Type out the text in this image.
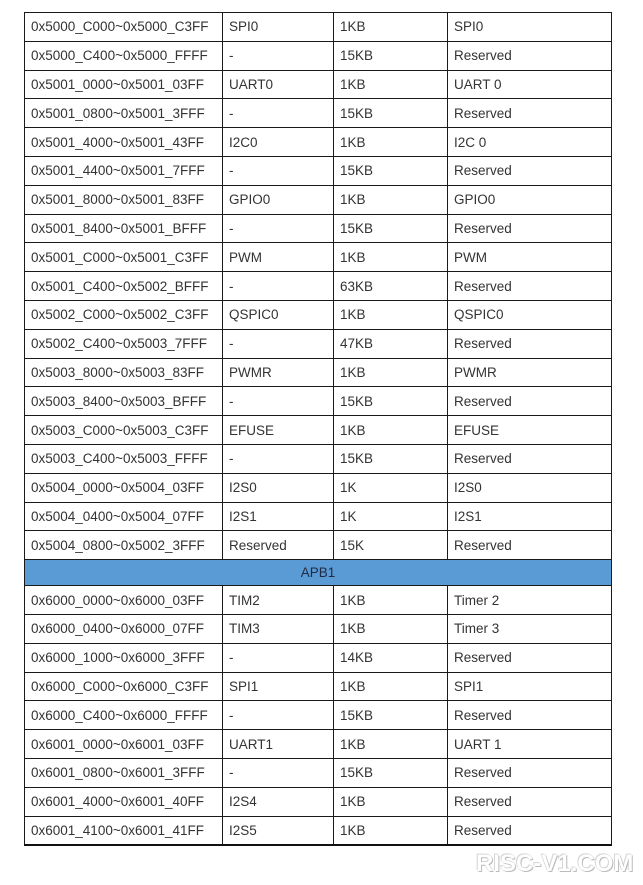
0x5000_C000~0x5000_C3FF	SPI0	1KB	SPI0
0x5000_C400~0x5000_FFFF	-	15KB	Reserved
0x5001_0000~0x5001_03FF	UART0	1KB	UART 0
0x5001_0800~0x5001_3FFF	-	15KB	Reserved
0x5001_4000~0x5001_43FF	I2C0	1KB	I2C 0
0x5001_4400~0x5001_7FFF	-	15KB	Reserved
0x5001_8000~0x5001_83FF	GPIO0	1KB	GPIO0
0x5001_8400~0x5001_BFFF	-	15KB	Reserved
0x5001_C000~0x5001_C3FF	PWM	1KB	PWM
0x5001_C400~0x5002_BFFF	-	63KB	Reserved
0x5002_C000~0x5002_C3FF	QSPIC0	1KB	QSPIC0
0x5002_C400~0x5003_7FFF	-	47KB	Reserved
0x5003_8000~0x5003_83FF	PWMR	1KB	PWMR
0x5003_8400~0x5003_BFFF	-	15KB	Reserved
0x5003_C000~0x5003_C3FF	EFUSE	1KB	EFUSE
0x5003_C400~0x5003_FFFF	-	15KB	Reserved
0x5004_0000~0x5004_03FF	I2S0	1K	I2S0
0x5004_0400~0x5004_07FF	I2S1	1K	I2S1
0x5004_0800~0x5002_3FFF	Reserved	15K	Reserved
APB1			
0x6000_0000~0x6000_03FF	TIM2	1KB	Timer 2
0x6000_0400~0x6000_07FF	TIM3	1KB	Timer 3
0x6000_1000~0x6000_3FFF	-	14KB	Reserved
0x6000_C000~0x6000_C3FF	SPI1	1KB	SPI1
0x6000_C400~0x6000_FFFF	-	15KB	Reserved
0x6001_0000~0x6001_03FF	UART1	1KB	UART 1
0x6001_0800~0x6001_3FFF	-	15KB	Reserved
0x6001_4000~0x6001_40FF	I2S4	1KB	Reserved
0x6001_4100~0x6001_41FF	I2S5	1KB	Reserved
RISC-V1.COM
